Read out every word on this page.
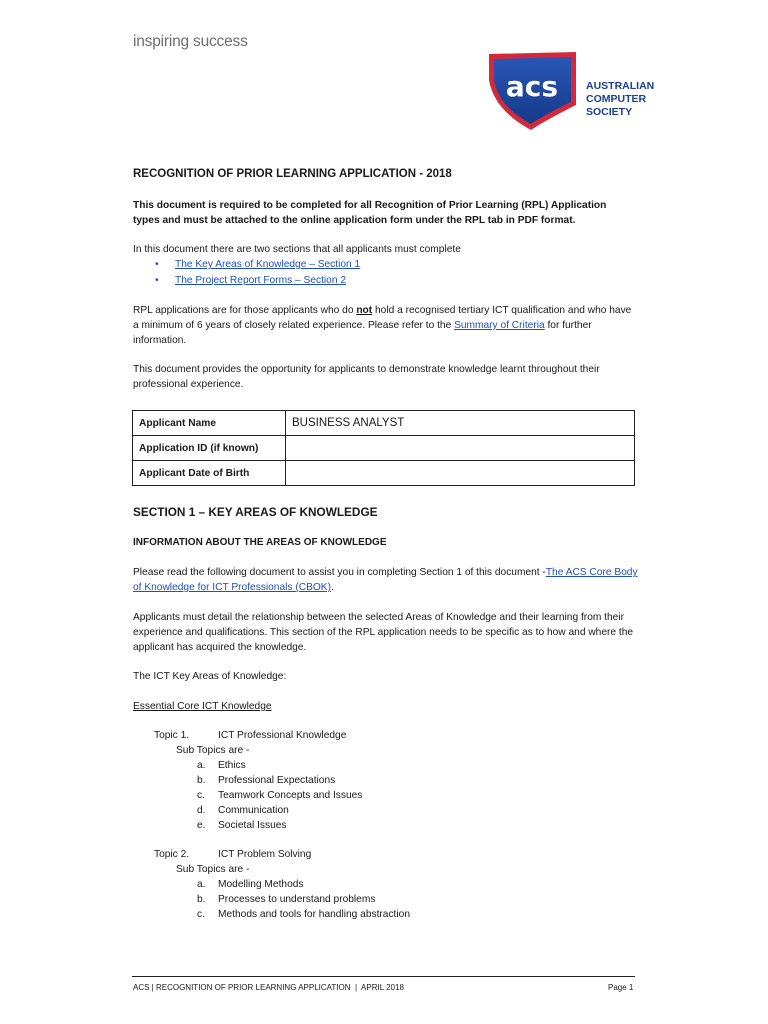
inspiring success
acs	AUSTRALIAN
COMPUTER
SOCIETY
RECOGNITION OF PRIOR LEARNING APPLICATION - 2018
This document is required to be completed for all Recognition of Prior Learning (RPL) Application types and must be attached to the online application form under the RPL tab in PDF format.
In this document there are two sections that all applicants must complete
• The Key Areas of Knowledge – Section 1
• The Project Report Forms – Section 2
RPL applications are for those applicants who do not hold a recognised tertiary ICT qualification and who have a minimum of 6 years of closely related experience. Please refer to the Summary of Criteria for further information.
This document provides the opportunity for applicants to demonstrate knowledge learnt throughout their professional experience.
Applicant Name	BUSINESS ANALYST
Application ID (if known)	
Applicant Date of Birth	
SECTION 1 – KEY AREAS OF KNOWLEDGE
INFORMATION ABOUT THE AREAS OF KNOWLEDGE
Please read the following document to assist you in completing Section 1 of this document -The ACS Core Body of Knowledge for ICT Professionals (CBOK).
Applicants must detail the relationship between the selected Areas of Knowledge and their learning from their experience and qualifications. This section of the RPL application needs to be specific as to how and where the applicant has acquired the knowledge.
The ICT Key Areas of Knowledge:
Essential Core ICT Knowledge
Topic 1.	ICT Professional Knowledge
Sub Topics are -
a. Ethics
b. Professional Expectations
c. Teamwork Concepts and Issues
d. Communication
e. Societal Issues
Topic 2.	ICT Problem Solving
Sub Topics are -
a. Modelling Methods
b. Processes to understand problems
c. Methods and tools for handling abstraction
ACS | RECOGNITION OF PRIOR LEARNING APPLICATION  |  APRIL 2018	Page 1
